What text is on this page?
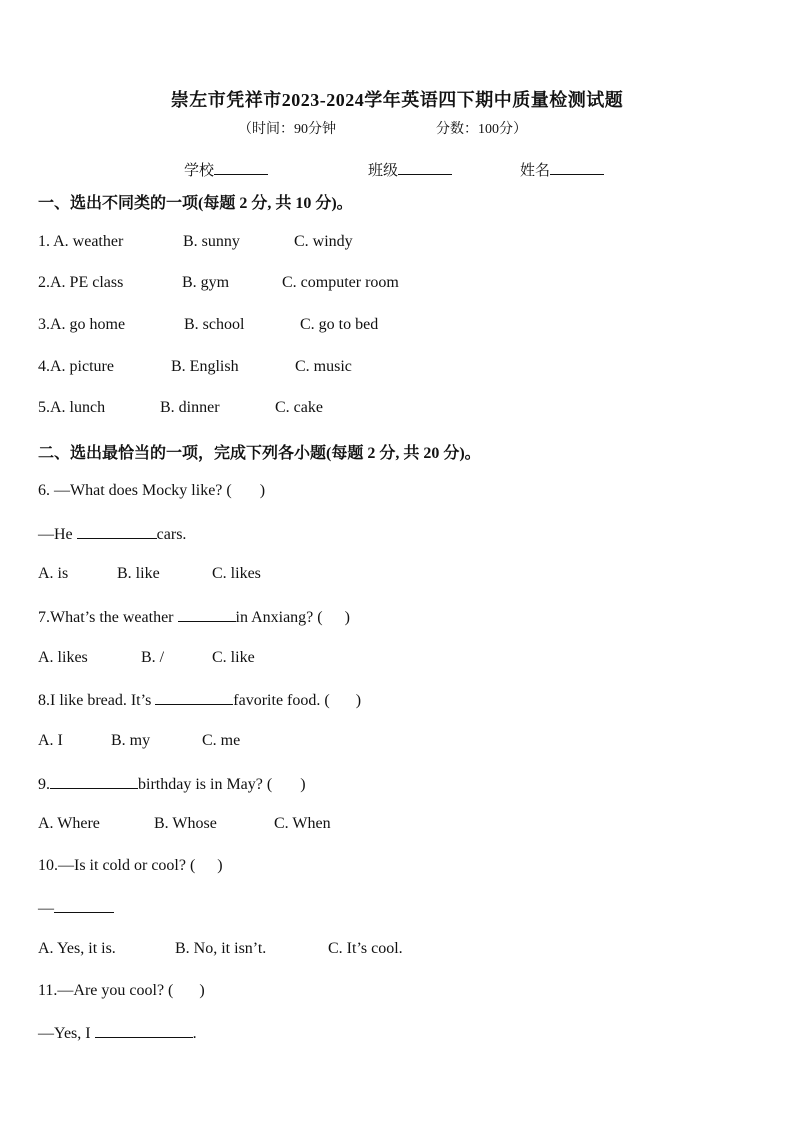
崇左市凭祥市2023-2024学年英语四下期中质量检测试题
（时间：90分钟	分数：100分）
学校	班级	姓名
一、选出不同类的一项(每题 2 分, 共 10 分)。
1. A. weather	B. sunny	C. windy
2.A. PE class	B. gym	C. computer room
3.A. go home	B. school	C. go to bed
4.A. picture	B. English	C. music
5.A. lunch	B. dinner	C. cake
二、选出最恰当的一项，完成下列各小题(每题 2 分, 共 20 分)。
6. —What does Mocky like? ( )
—He	cars.
A. is	B. like	C. likes
7.What’s the weather	in Anxiang? ( )
A. likes	B. /	C. like
8.I like bread. It’s	favorite food. ( )
A. I	B. my	C. me
9.	birthday is in May? ( )
A. Where	B. Whose	C. When
10.—Is it cold or cool? ( )
—
A. Yes, it is.	B. No, it isn’t.	C. It’s cool.
11.—Are you cool? ( )
—Yes, I	.
